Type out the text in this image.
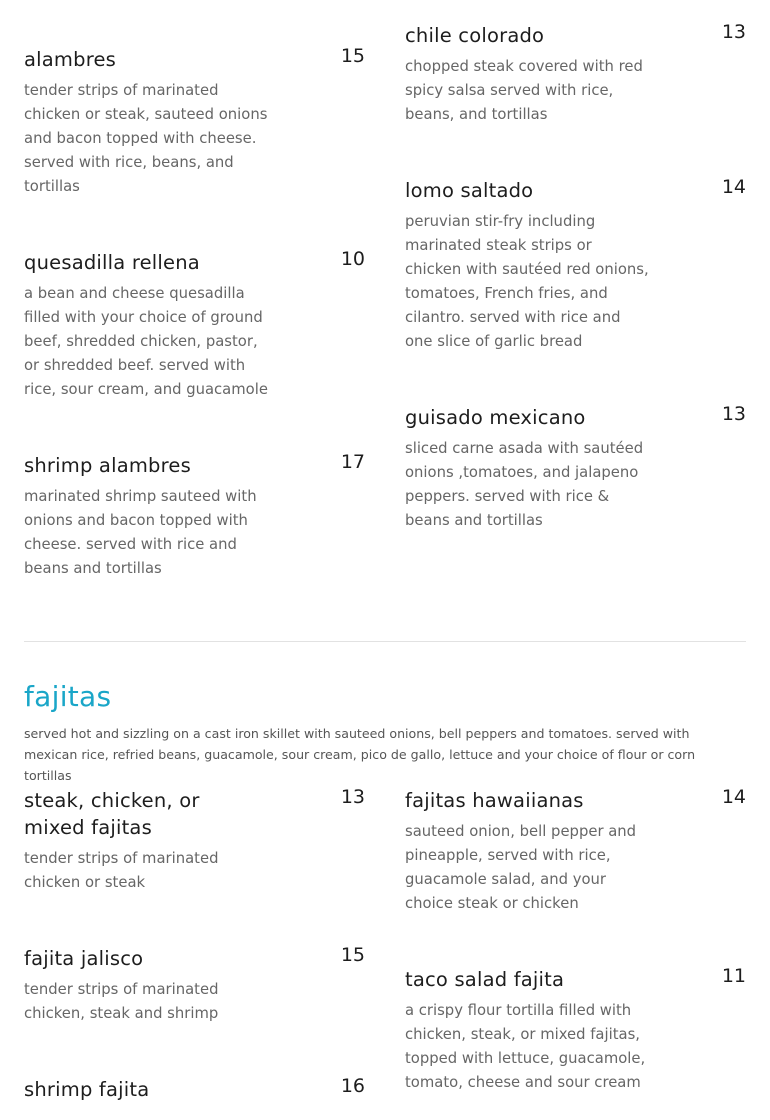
alambres	15
tender strips of marinated chicken or steak, sauteed onions and bacon topped with cheese. served with rice, beans, and tortillas
quesadilla rellena	10
a bean and cheese quesadilla filled with your choice of ground beef, shredded chicken, pastor, or shredded beef. served with rice, sour cream, and guacamole
shrimp alambres	17
marinated shrimp sauteed with onions and bacon topped with cheese. served with rice and beans and tortillas
chile colorado	13
chopped steak covered with red spicy salsa served with rice, beans, and tortillas
lomo saltado	14
peruvian stir-fry including marinated steak strips or chicken with sautéed red onions, tomatoes, French fries, and cilantro. served with rice and one slice of garlic bread
guisado mexicano	13
sliced carne asada with sautéed onions ,tomatoes, and jalapeno peppers. served with rice & beans and tortillas
fajitas
served hot and sizzling on a cast iron skillet with sauteed onions, bell peppers and tomatoes. served with mexican rice, refried beans, guacamole, sour cream, pico de gallo, lettuce and your choice of flour or corn tortillas
steak, chicken, or mixed fajitas
13
tender strips of marinated chicken or steak
fajita jalisco	15
tender strips of marinated chicken, steak and shrimp
shrimp fajita	16
fajitas hawaiianas	14
sauteed onion, bell pepper and pineapple, served with rice, guacamole salad, and your choice steak or chicken
taco salad fajita	11
a crispy flour tortilla filled with chicken, steak, or mixed fajitas, topped with lettuce, guacamole, tomato, cheese and sour cream
